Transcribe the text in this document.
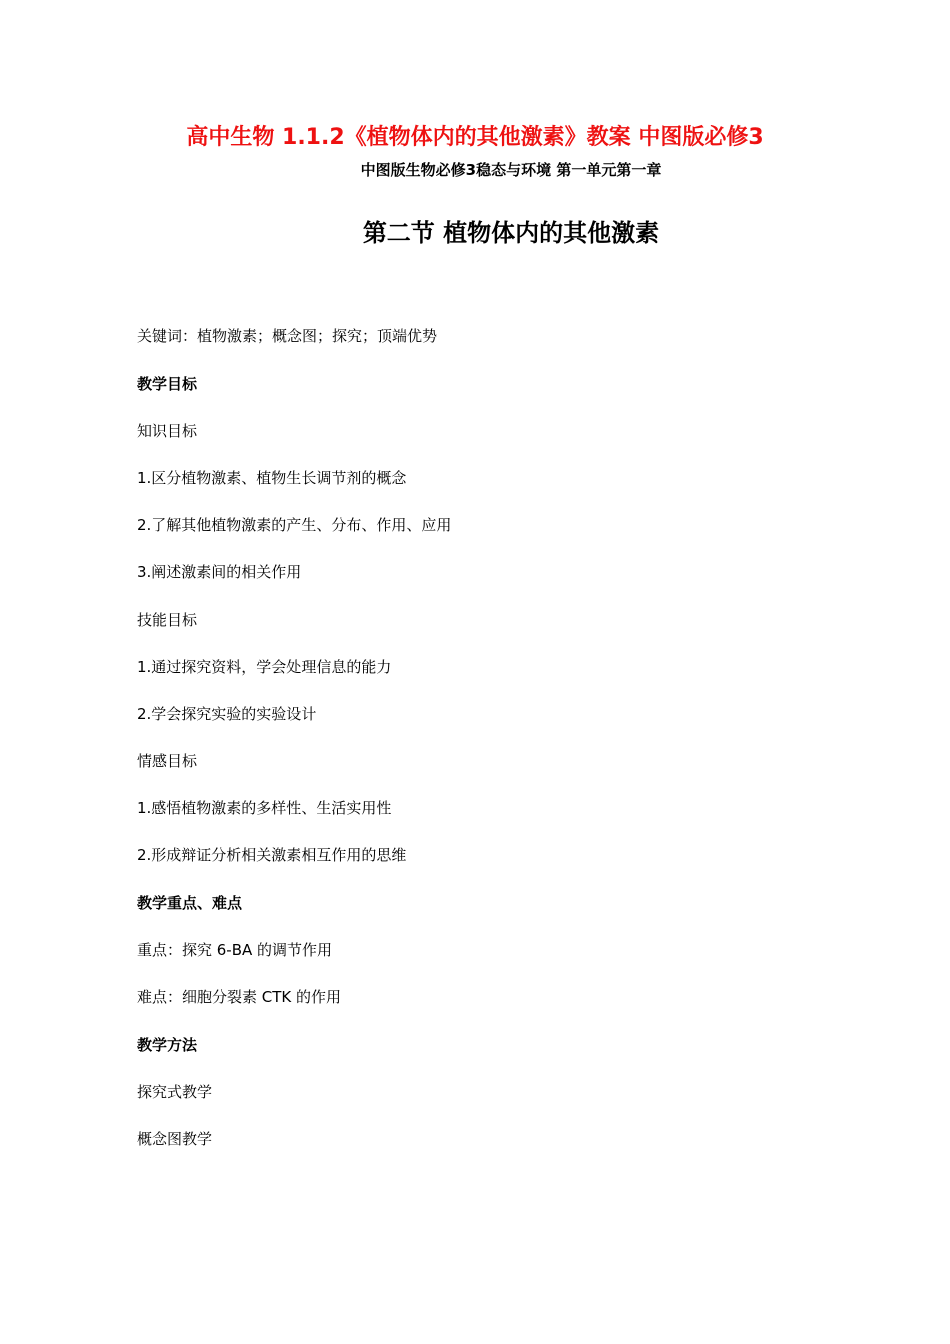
高中生物 1.1.2《植物体内的其他激素》教案 中图版必修3
中图版生物必修3稳态与环境 第一单元第一章
第二节 植物体内的其他激素
关键词：植物激素；概念图；探究；顶端优势
教学目标
知识目标
1.区分植物激素、植物生长调节剂的概念
2.了解其他植物激素的产生、分布、作用、应用
3.阐述激素间的相关作用
技能目标
1.通过探究资料，学会处理信息的能力
2.学会探究实验的实验设计
情感目标
1.感悟植物激素的多样性、生活实用性
2.形成辩证分析相关激素相互作用的思维
教学重点、难点
重点：探究 6-BA 的调节作用
难点：细胞分裂素 CTK 的作用
教学方法
探究式教学
概念图教学
